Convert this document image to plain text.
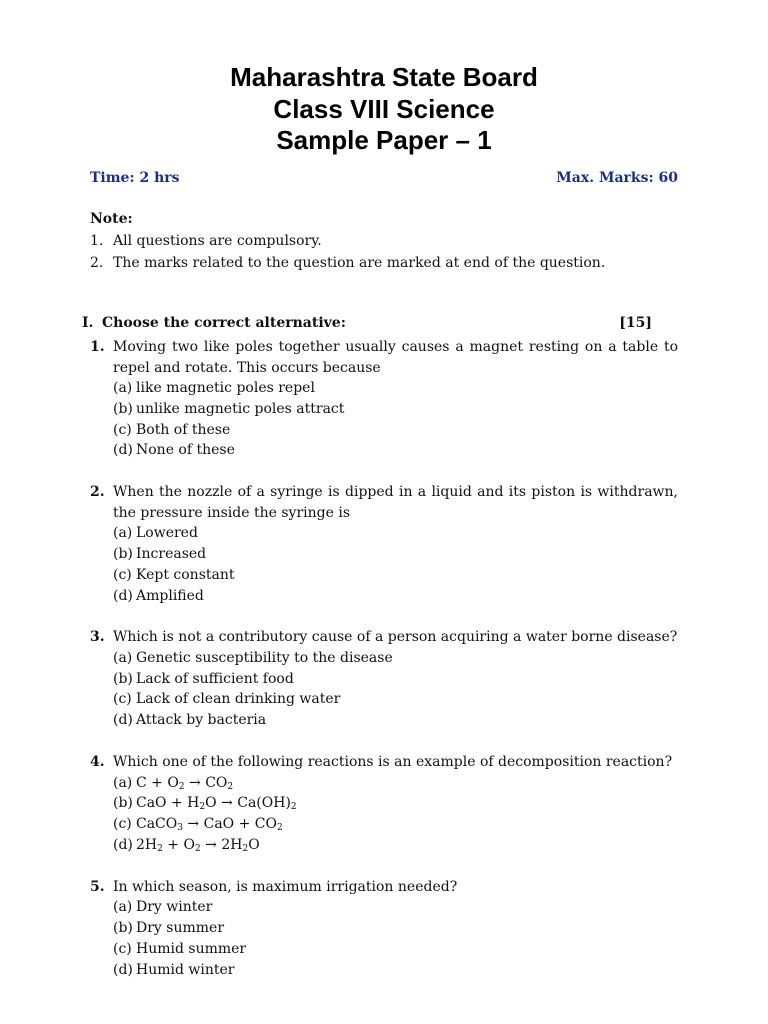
Maharashtra State Board
Class VIII Science
Sample Paper – 1
Time: 2 hrs	Max. Marks: 60
Note:
1. All questions are compulsory.
2. The marks related to the question are marked at end of the question.
I. Choose the correct alternative:	[15]
1. Moving two like poles together usually causes a magnet resting on a table to repel and rotate. This occurs because
(a) like magnetic poles repel
(b) unlike magnetic poles attract
(c) Both of these
(d) None of these
2. When the nozzle of a syringe is dipped in a liquid and its piston is withdrawn, the pressure inside the syringe is
(a) Lowered
(b) Increased
(c) Kept constant
(d) Amplified
3. Which is not a contributory cause of a person acquiring a water borne disease?
(a) Genetic susceptibility to the disease
(b) Lack of sufficient food
(c) Lack of clean drinking water
(d) Attack by bacteria
4. Which one of the following reactions is an example of decomposition reaction?
(a) $C + O_2 \to CO_2$
(b) CaO + $H_2O \to Ca(OH)_2$
(c) CaCO$_3$ → CaO + $CO_2$
(d) $2H_2 + O_2 \to 2H_2O$
5. In which season, is maximum irrigation needed?
(a) Dry winter
(b) Dry summer
(c) Humid summer
(d) Humid winter
